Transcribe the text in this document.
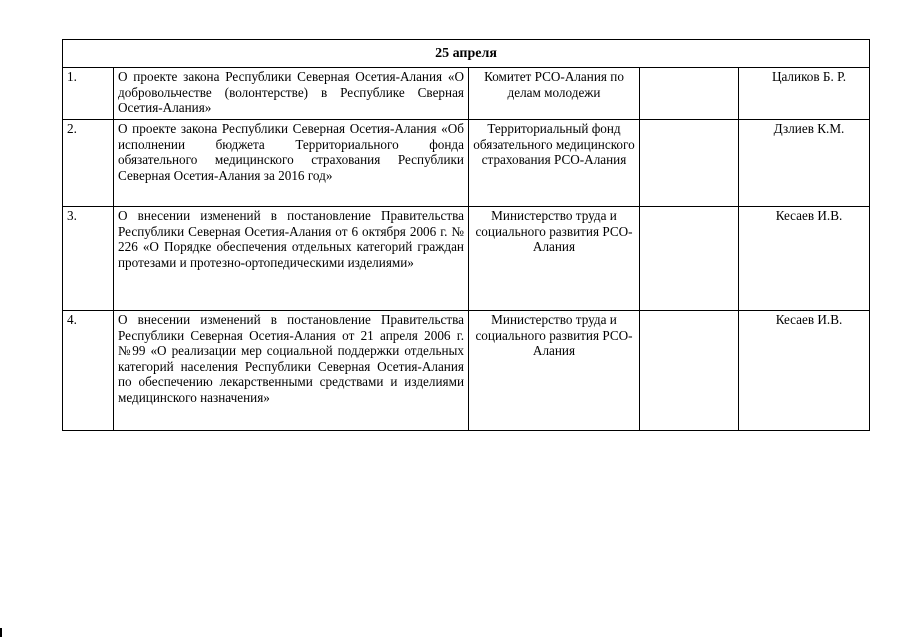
25 апреля				
1.	О проекте закона Республики Северная Осетия-Алания «О добровольчестве (волонтерстве) в Республике Сверная Осетия-Алания»	Комитет РСО-Алания по делам молодежи		Цаликов Б. Р.
2.	О проекте закона Республики Северная Осетия-Алания «Об исполнении бюджета Территориального фонда обязательного медицинского страхования Республики Северная Осетия-Алания за 2016 год»	Территориальный фонд обязательного медицинского страхования РСО-Алания		Дзлиев К.М.
3.	О внесении изменений в постановление Правительства Республики Северная Осетия-Алания от 6 октября 2006 г. № 226 «О Порядке обеспечения отдельных категорий граждан протезами и протезно-ортопедическими изделиями»	Министерство труда и социального развития РСО-Алания		Кесаев И.В.
4.	О внесении изменений в постановление Правительства Республики Северная Осетия-Алания от 21 апреля 2006 г. №99 «О реализации мер социальной поддержки отдельных категорий населения Республики Северная Осетия-Алания по обеспечению лекарственными средствами и изделиями медицинского назначения»	Министерство труда и социального развития РСО-Алания		Кесаев И.В.
